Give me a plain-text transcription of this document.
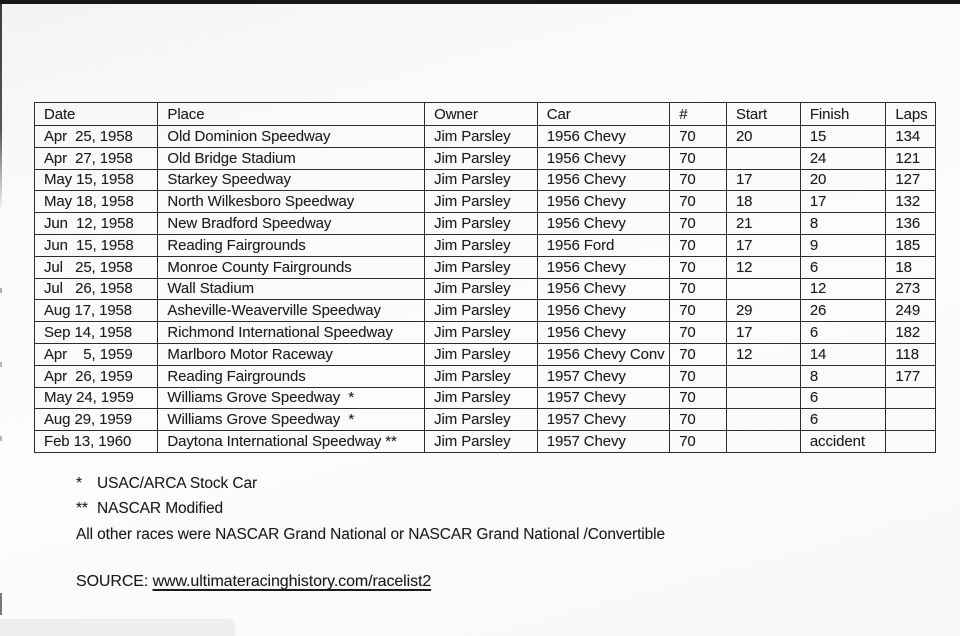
Date	Place	Owner	Car	#	Start	Finish	Laps
Apr  25, 1958	Old Dominion Speedway	Jim Parsley	1956 Chevy	70	20	15	134
Apr  27, 1958	Old Bridge Stadium	Jim Parsley	1956 Chevy	70		24	121
May 15, 1958	Starkey Speedway	Jim Parsley	1956 Chevy	70	17	20	127
May 18, 1958	North Wilkesboro Speedway	Jim Parsley	1956 Chevy	70	18	17	132
Jun  12, 1958	New Bradford Speedway	Jim Parsley	1956 Chevy	70	21	8	136
Jun  15, 1958	Reading Fairgrounds	Jim Parsley	1956 Ford	70	17	9	185
Jul   25, 1958	Monroe County Fairgrounds	Jim Parsley	1956 Chevy	70	12	6	18
Jul   26, 1958	Wall Stadium	Jim Parsley	1956 Chevy	70		12	273
Aug 17, 1958	Asheville-Weaverville Speedway	Jim Parsley	1956 Chevy	70	29	26	249
Sep 14, 1958	Richmond International Speedway	Jim Parsley	1956 Chevy	70	17	6	182
Apr    5, 1959	Marlboro Motor Raceway	Jim Parsley	1956 Chevy Conv	70	12	14	118
Apr  26, 1959	Reading Fairgrounds	Jim Parsley	1957 Chevy	70		8	177
May 24, 1959	Williams Grove Speedway  *	Jim Parsley	1957 Chevy	70		6	
Aug 29, 1959	Williams Grove Speedway  *	Jim Parsley	1957 Chevy	70		6	
Feb 13, 1960	Daytona International Speedway **	Jim Parsley	1957 Chevy	70		accident	
* USAC/ARCA Stock Car
** NASCAR Modified
All other races were NASCAR Grand National or NASCAR Grand National /Convertible
SOURCE: www.ultimateracinghistory.com/racelist2
